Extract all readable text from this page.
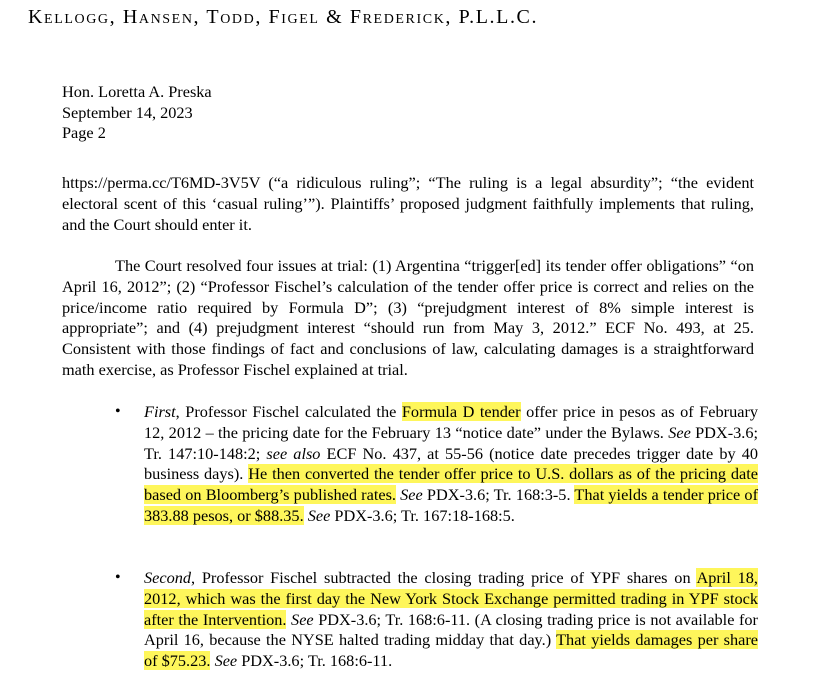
Kellogg, Hansen, Todd, Figel & Frederick, P.L.L.C.
Hon. Loretta A. Preska
September 14, 2023
Page 2
https://perma.cc/T6MD-3V5V (“a ridiculous ruling”; “The ruling is a legal absurdity”; “the evident electoral scent of this ‘casual ruling’”). Plaintiffs’ proposed judgment faithfully implements that ruling, and the Court should enter it.
The Court resolved four issues at trial: (1) Argentina “trigger[ed] its tender offer obligations” “on April 16, 2012”; (2) “Professor Fischel’s calculation of the tender offer price is correct and relies on the price/income ratio required by Formula D”; (3) “prejudgment interest of 8% simple interest is appropriate”; and (4) prejudgment interest “should run from May 3, 2012.” ECF No. 493, at 25. Consistent with those findings of fact and conclusions of law, calculating damages is a straightforward math exercise, as Professor Fischel explained at trial.
• First, Professor Fischel calculated the Formula D tender offer price in pesos as of February 12, 2012 – the pricing date for the February 13 “notice date” under the Bylaws. See PDX-3.6; Tr. 147:10-148:2; see also ECF No. 437, at 55-56 (notice date precedes trigger date by 40 business days). He then converted the tender offer price to U.S. dollars as of the pricing date based on Bloomberg’s published rates. See PDX-3.6; Tr. 168:3-5. That yields a tender price of 383.88 pesos, or $88.35. See PDX-3.6; Tr. 167:18-168:5.
• Second, Professor Fischel subtracted the closing trading price of YPF shares on April 18, 2012, which was the first day the New York Stock Exchange permitted trading in YPF stock after the Intervention. See PDX-3.6; Tr. 168:6-11. (A closing trading price is not available for April 16, because the NYSE halted trading midday that day.) That yields damages per share of $75.23. See PDX-3.6; Tr. 168:6-11.
